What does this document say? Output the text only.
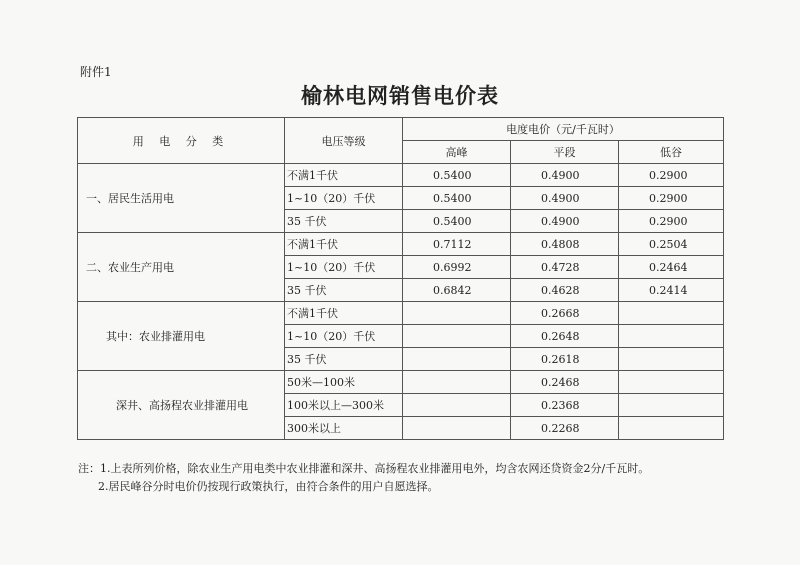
附件1
榆林电网销售电价表
用 电 分 类	电压等级	电度电价（元/千瓦时）		
		高峰	平段	低谷
一、居民生活用电	不满1千伏	0.5400	0.4900	0.2900
	1~10（20）千伏	0.5400	0.4900	0.2900
	35 千伏	0.5400	0.4900	0.2900
二、农业生产用电	不满1千伏	0.7112	0.4808	0.2504
	1~10（20）千伏	0.6992	0.4728	0.2464
	35 千伏	0.6842	0.4628	0.2414
其中：农业排灌用电	不满1千伏		0.2668	
	1~10（20）千伏		0.2648	
	35 千伏		0.2618	
深井、高扬程农业排灌用电	50米—100米		0.2468	
	100米以上—300米		0.2368	
	300米以上		0.2268	
注：1.上表所列价格，除农业生产用电类中农业排灌和深井、高扬程农业排灌用电外，均含农网还贷资金2分/千瓦时。
2.居民峰谷分时电价仍按现行政策执行，由符合条件的用户自愿选择。
